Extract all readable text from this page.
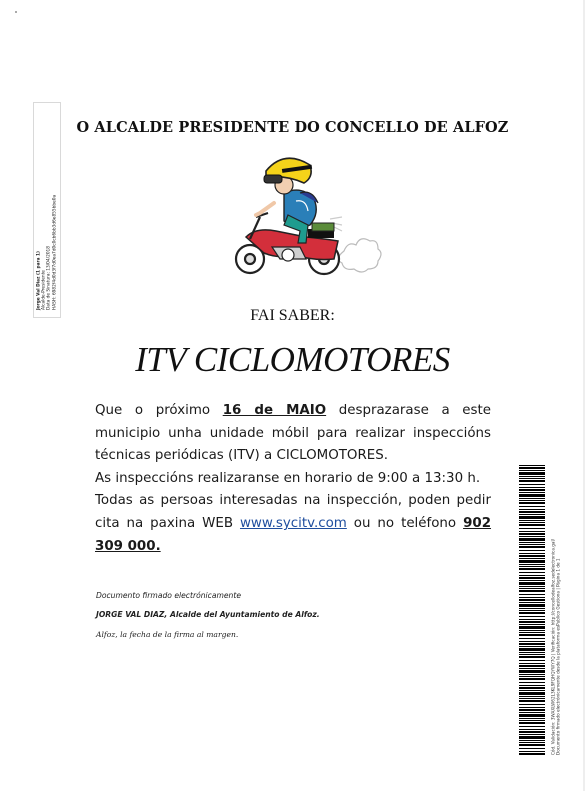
Jorge Val Diaz (1 para 1) Alcalde-Presidente Data de Sinatura: 13/04/2018 HASH: 6982f4d0d3f7d0ea7d0c0cb6bb3d6e855bbe0a
O ALCALDE PRESIDENTE DO CONCELLO DE ALFOZ
FAI SABER:
ITV CICLOMOTORES
Que o próximo 16 de MAIO desprazarase a este municipio unha unidade móbil para realizar inspeccións técnicas periódicas (ITV) a CICLOMOTORES.
As inspeccións realizaranse en horario de 9:00 a 13:30 h.
Todas as persoas interesadas na inspección, poden pedir cita na paxina WEB www.sycitv.com ou no teléfono 902 309 000.
Documento firmado electrónicamente
JORGE VAL DIAZ, Alcalde del Ayuntamiento de Alfoz.
Alfoz, la fecha de la firma al margen.	Cód. Validación: 3WAXLW62L3KL9FQHQYWY7Q | Verificación: http://concellodealfoz.sedelectronica.gal/ Documento firmado electrónicamente desde la plataforma esPublico Gestiona | Página 1 de 1
